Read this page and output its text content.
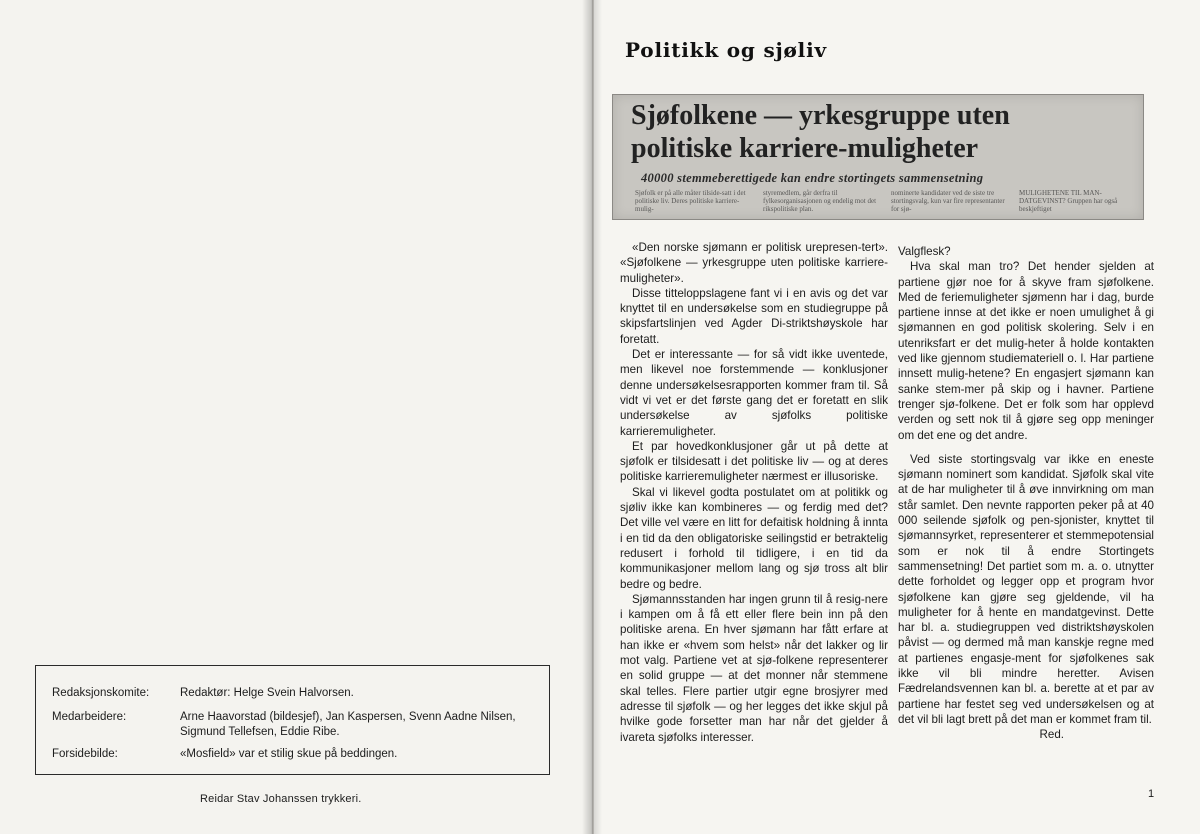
Redaksjonskomite:	Redaktør: Helge Svein Halvorsen.
Medarbeidere:	Arne Haavorstad (bildesjef), Jan Kaspersen, Svenn Aadne Nilsen, Sigmund Tellefsen, Eddie Ribe.
Forsidebilde:	«Mosfield» var et stilig skue på beddingen.
Reidar Stav Johanssen trykkeri.
Politikk og sjøliv
Sjøfolkene — yrkesgruppe uten
politiske karriere-muligheter
40000 stemmeberettigede kan endre stortingets sammensetning
Sjøfolk er på alle måter tilside-satt i det politiske liv. Deres politiske karriere-mulig-
styremedlem, går derfra til fylkesorganisasjonen og endelig mot det rikspolitiske plan.
nominerte kandidater ved de siste tre stortingsvalg, kun var fire representanter for sjø-
MULIGHETENE TIL MAN-DATGEVINST? Gruppen har også beskjeftiget

«Den norske sjømann er politisk urepresen-tert». «Sjøfolkene — yrkesgruppe uten politiske karriere-muligheter».

Disse titteloppslagene fant vi i en avis og det var knyttet til en undersøkelse som en studiegruppe på skipsfartslinjen ved Agder Di-striktshøyskole har foretatt.

Det er interessante — for så vidt ikke uventede, men likevel noe forstemmende — konklusjoner denne undersøkelsesrapporten kommer fram til. Så vidt vi vet er det første gang det er foretatt en slik undersøkelse av sjøfolks politiske karrieremuligheter.

Et par hovedkonklusjoner går ut på dette at sjøfolk er tilsidesatt i det politiske liv — og at deres politiske karrieremuligheter nærmest er illusoriske.

Skal vi likevel godta postulatet om at politikk og sjøliv ikke kan kombineres — og ferdig med det? Det ville vel være en litt for defaitisk holdning å innta i en tid da den obligatoriske seilingstid er betraktelig redusert i forhold til tidligere, i en tid da kommunikasjoner mellom lang og sjø tross alt blir bedre og bedre.

Sjømannsstanden har ingen grunn til å resig-nere i kampen om å få ett eller flere bein inn på den politiske arena. En hver sjømann har fått erfare at han ikke er «hvem som helst» når det lakker og lir mot valg. Partiene vet at sjø-folkene representerer en solid gruppe — at det monner når stemmene skal telles. Flere partier utgir egne brosjyrer med adresse til sjøfolk — og her legges det ikke skjul på hvilke gode forsetter man har når det gjelder å ivareta sjøfolks interesser.

Valgflesk?

Hva skal man tro? Det hender sjelden at partiene gjør noe for å skyve fram sjøfolkene. Med de feriemuligheter sjømenn har i dag, burde partiene innse at det ikke er noen umulighet å gi sjømannen en god politisk skolering. Selv i en utenriksfart er det mulig-heter å holde kontakten ved like gjennom studiemateriell o. l. Har partiene innsett mulig-hetene? En engasjert sjømann kan sanke stem-mer på skip og i havner. Partiene trenger sjø-folkene. Det er folk som har opplevd verden og sett nok til å gjøre seg opp meninger om det ene og det andre.

Ved siste stortingsvalg var ikke en eneste sjømann nominert som kandidat. Sjøfolk skal vite at de har muligheter til å øve innvirkning om man står samlet. Den nevnte rapporten peker på at 40 000 seilende sjøfolk og pen-sjonister, knyttet til sjømannsyrket, representerer et stemmepotensial som er nok til å endre Stortingets sammensetning! Det partiet som m. a. o. utnytter dette forholdet og legger opp et program hvor sjøfolkene kan gjøre seg gjeldende, vil ha muligheter for å hente en mandatgevinst. Dette har bl. a. studiegruppen ved distriktshøyskolen påvist — og dermed må man kanskje regne med at partienes engasje-ment for sjøfolkenes sak ikke vil bli mindre heretter. Avisen Fædrelandsvennen kan bl. a. berette at et par av partiene har festet seg ved undersøkelsen og at det vil bli lagt brett på det man er kommet fram til.

Red.

1
